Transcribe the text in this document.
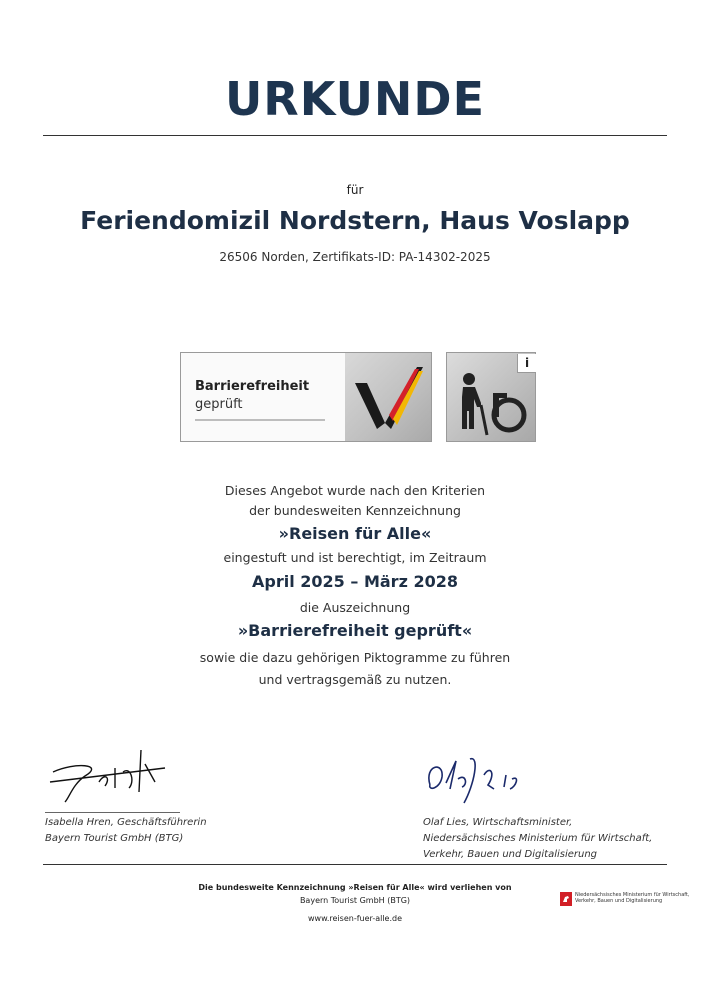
URKUNDE
für
Feriendomizil Nordstern, Haus Voslapp
26506 Norden, Zertifikats-ID: PA-14302-2025
Barrierefreiheit
geprüft
i
Dieses Angebot wurde nach den Kriterien
der bundesweiten Kennzeichnung
»Reisen für Alle«
eingestuft und ist berechtigt, im Zeitraum
April 2025 – März 2028
die Auszeichnung
»Barrierefreiheit geprüft«
sowie die dazu gehörigen Piktogramme zu führen
und vertragsgemäß zu nutzen.
Isabella Hren, Geschäftsführerin
Bayern Tourist GmbH (BTG)
Olaf Lies, Wirtschaftsminister,
Niedersächsisches Ministerium für Wirtschaft,
Verkehr, Bauen und Digitalisierung
Die bundesweite Kennzeichnung »Reisen für Alle« wird verliehen von
Bayern Tourist GmbH (BTG)
www.reisen-fuer-alle.de
Niedersächsisches Ministerium für Wirtschaft,
Verkehr, Bauen und Digitalisierung
